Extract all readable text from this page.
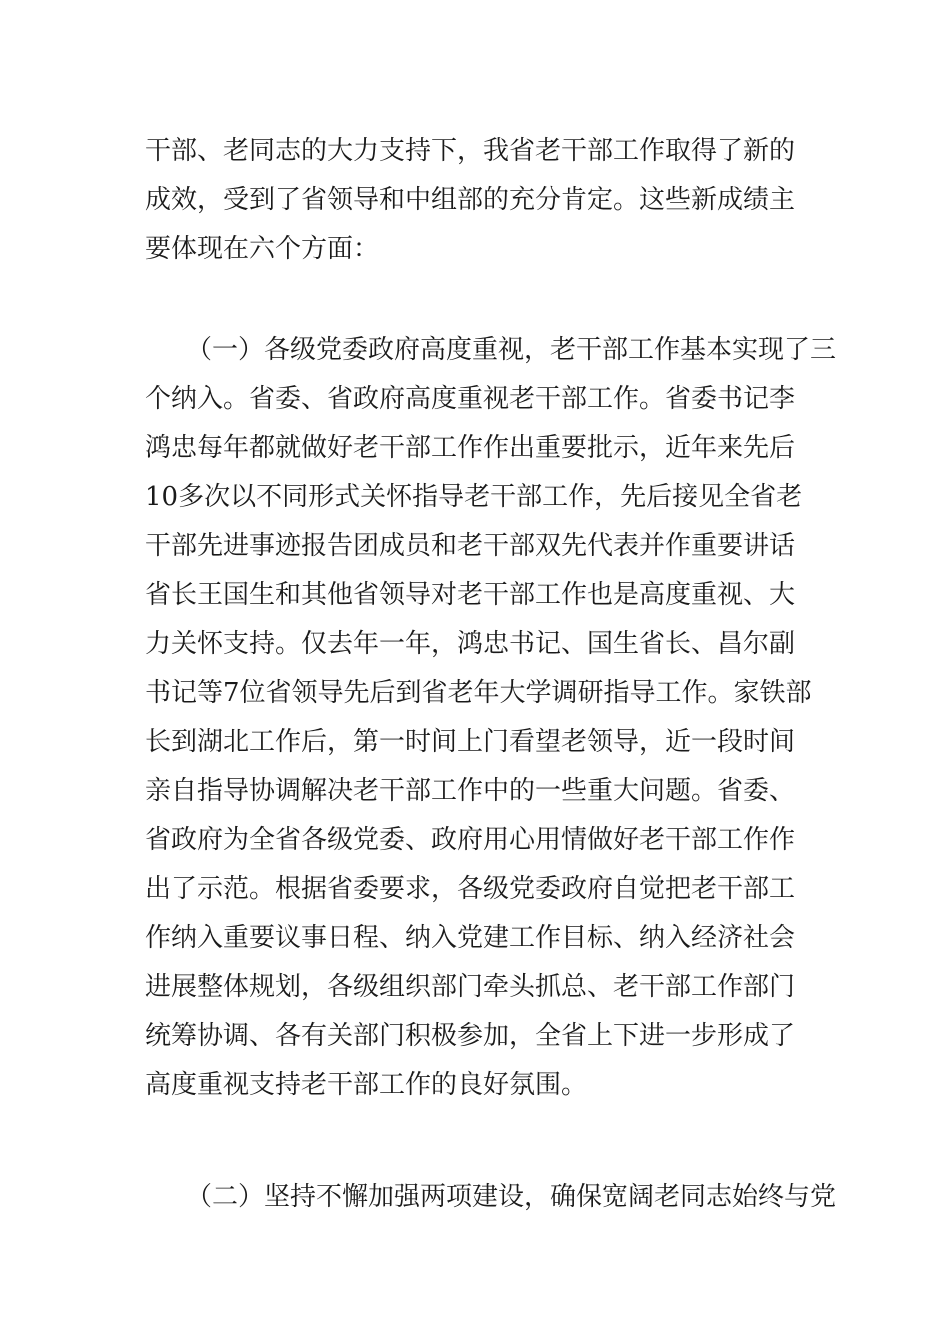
干部、老同志的大力支持下，我省老干部工作取得了新的
成效，受到了省领导和中组部的充分肯定。这些新成绩主
要体现在六个方面：
（一）各级党委政府高度重视，老干部工作基本实现了三
个纳入。省委、省政府高度重视老干部工作。省委书记李
鸿忠每年都就做好老干部工作作出重要批示，近年来先后
10多次以不同形式关怀指导老干部工作，先后接见全省老
干部先进事迹报告团成员和老干部双先代表并作重要讲话
省长王国生和其他省领导对老干部工作也是高度重视、大
力关怀支持。仅去年一年，鸿忠书记、国生省长、昌尔副
书记等7位省领导先后到省老年大学调研指导工作。家铁部
长到湖北工作后，第一时间上门看望老领导，近一段时间
亲自指导协调解决老干部工作中的一些重大问题。省委、
省政府为全省各级党委、政府用心用情做好老干部工作作
出了示范。根据省委要求，各级党委政府自觉把老干部工
作纳入重要议事日程、纳入党建工作目标、纳入经济社会
进展整体规划，各级组织部门牵头抓总、老干部工作部门
统筹协调、各有关部门积极参加，全省上下进一步形成了
高度重视支持老干部工作的良好氛围。
（二）坚持不懈加强两项建设，确保宽阔老同志始终与党
